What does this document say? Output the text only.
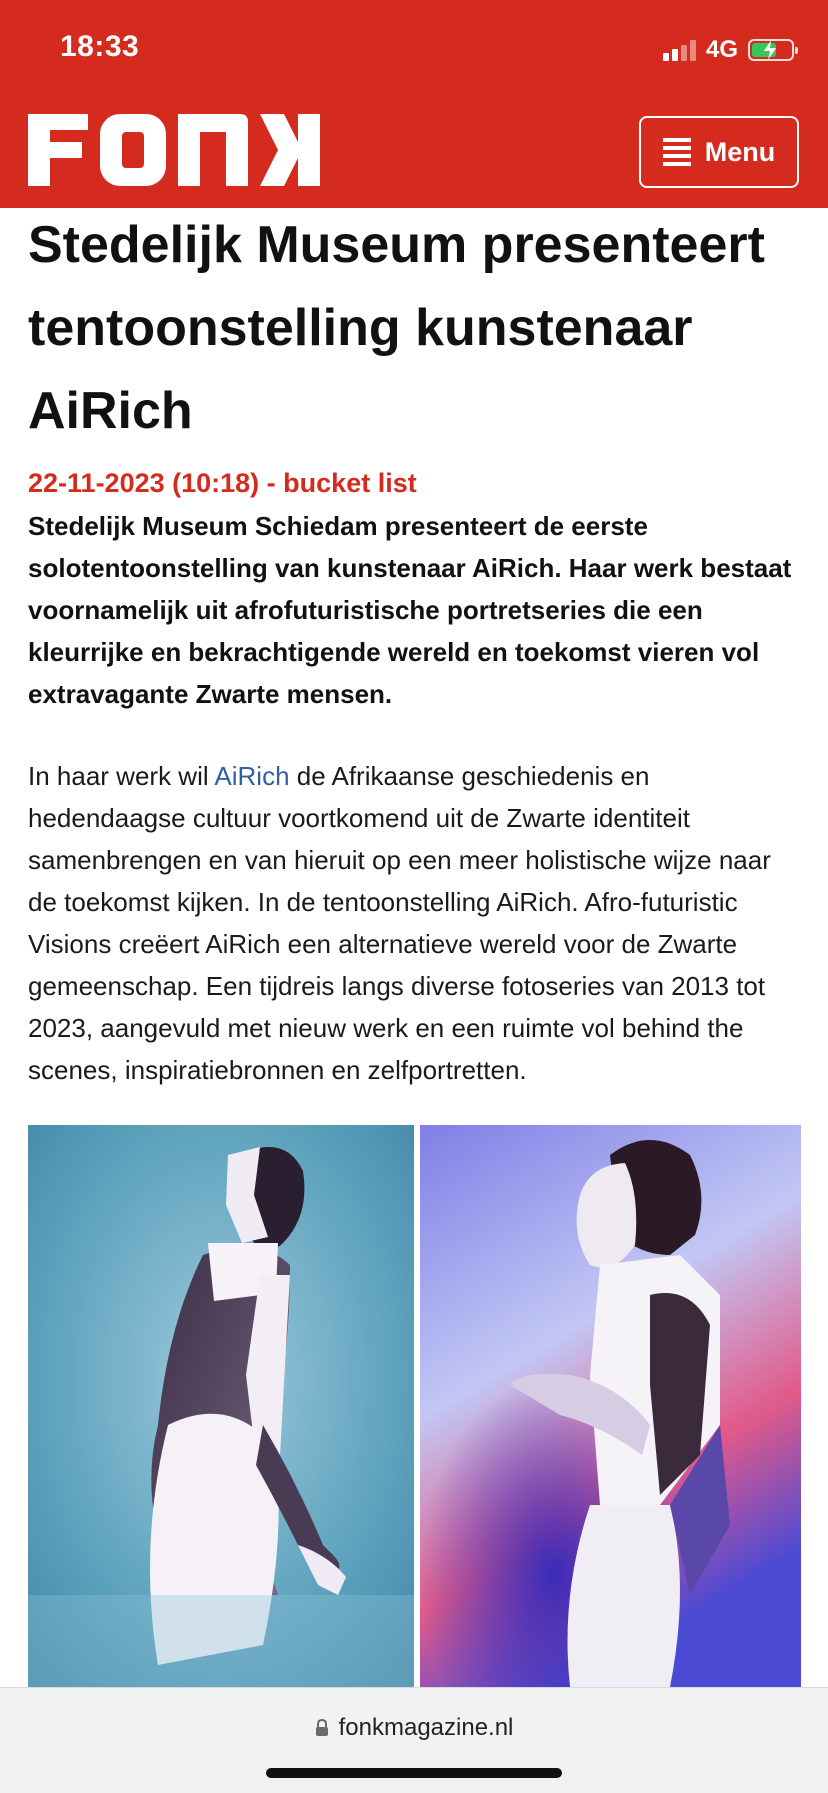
18:33	4G
Menu
Stedelijk Museum presenteert tentoonstelling kunstenaar AiRich
22-11-2023 (10:18) - bucket list

Stedelijk Museum Schiedam presenteert de eerste solotentoonstelling van kunstenaar AiRich. Haar werk bestaat voornamelijk uit afrofuturistische portretseries die een kleurrijke en bekrachtigende wereld en toekomst vieren vol extravagante Zwarte mensen.

In haar werk wil AiRich de Afrikaanse geschiedenis en hedendaagse cultuur voortkomend uit de Zwarte identiteit samenbrengen en van hieruit op een meer holistische wijze naar de toekomst kijken. In de tentoonstelling AiRich. Afro-futuristic Visions creëert AiRich een alternatieve wereld voor de Zwarte gemeenschap. Een tijdreis langs diverse fotoseries van 2013 tot 2023, aangevuld met nieuw werk en een ruimte vol behind the scenes, inspiratiebronnen en zelfportretten.

fonkmagazine.nl
